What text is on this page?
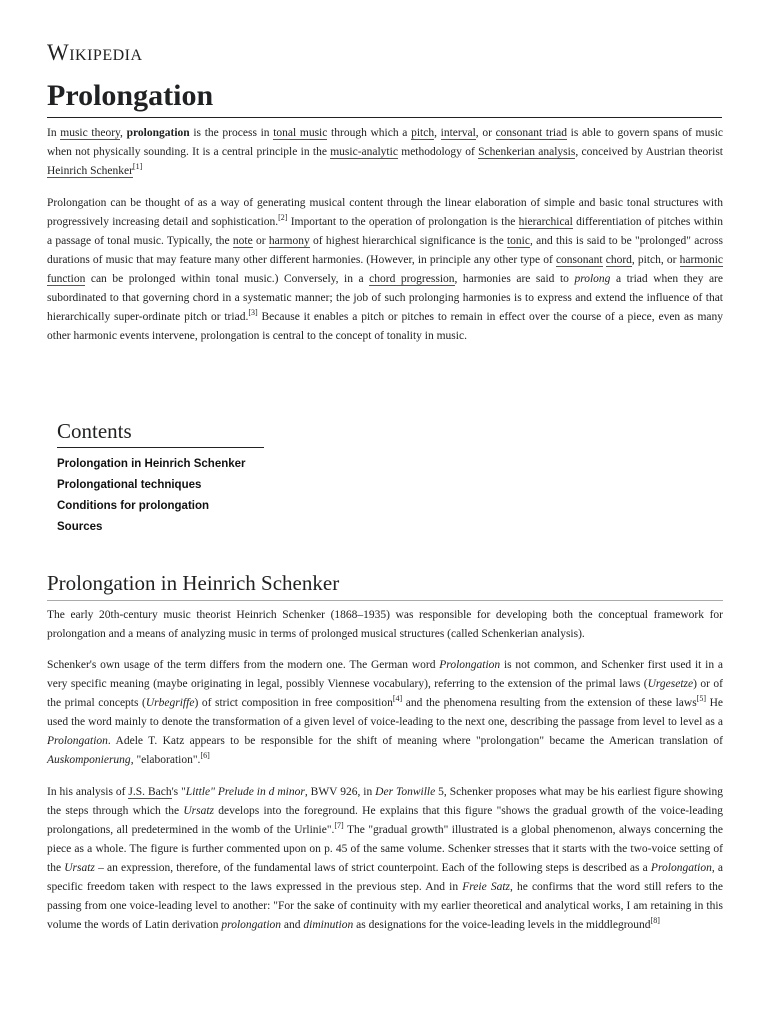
Wikipedia
Prolongation

In music theory, prolongation is the process in tonal music through which a pitch, interval, or consonant triad is able to govern spans of music when not physically sounding. It is a central principle in the music-analytic methodology of Schenkerian analysis, conceived by Austrian theorist Heinrich Schenker[1]

Prolongation can be thought of as a way of generating musical content through the linear elaboration of simple and basic tonal structures with progressively increasing detail and sophistication.[2] Important to the operation of prolongation is the hierarchical differentiation of pitches within a passage of tonal music. Typically, the note or harmony of highest hierarchical significance is the tonic, and this is said to be "prolonged" across durations of music that may feature many other different harmonies. (However, in principle any other type of consonant chord, pitch, or harmonic function can be prolonged within tonal music.) Conversely, in a chord progression, harmonies are said to prolong a triad when they are subordinated to that governing chord in a systematic manner; the job of such prolonging harmonies is to express and extend the influence of that hierarchically super-ordinate pitch or triad.[3] Because it enables a pitch or pitches to remain in effect over the course of a piece, even as many other harmonic events intervene, prolongation is central to the concept of tonality in music.

Contents
Prolongation in Heinrich Schenker
Prolongational techniques
Conditions for prolongation
Sources
Prolongation in Heinrich Schenker

The early 20th-century music theorist Heinrich Schenker (1868–1935) was responsible for developing both the conceptual framework for prolongation and a means of analyzing music in terms of prolonged musical structures (called Schenkerian analysis).

Schenker's own usage of the term differs from the modern one. The German word Prolongation is not common, and Schenker first used it in a very specific meaning (maybe originating in legal, possibly Viennese vocabulary), referring to the extension of the primal laws (Urgesetze) or of the primal concepts (Urbegriffe) of strict composition in free composition[4] and the phenomena resulting from the extension of these laws[5] He used the word mainly to denote the transformation of a given level of voice-leading to the next one, describing the passage from level to level as a Prolongation. Adele T. Katz appears to be responsible for the shift of meaning where "prolongation" became the American translation of Auskomponierung, "elaboration".[6]

In his analysis of J.S. Bach's "Little" Prelude in d minor, BWV 926, in Der Tonwille 5, Schenker proposes what may be his earliest figure showing the steps through which the Ursatz develops into the foreground. He explains that this figure "shows the gradual growth of the voice-leading prolongations, all predetermined in the womb of the Urlinie".[7] The "gradual growth" illustrated is a global phenomenon, always concerning the piece as a whole. The figure is further commented upon on p. 45 of the same volume. Schenker stresses that it starts with the two-voice setting of the Ursatz – an expression, therefore, of the fundamental laws of strict counterpoint. Each of the following steps is described as a Prolongation, a specific freedom taken with respect to the laws expressed in the previous step. And in Freie Satz, he confirms that the word still refers to the passing from one voice-leading level to another: "For the sake of continuity with my earlier theoretical and analytical works, I am retaining in this volume the words of Latin derivation prolongation and diminution as designations for the voice-leading levels in the middleground[8]
